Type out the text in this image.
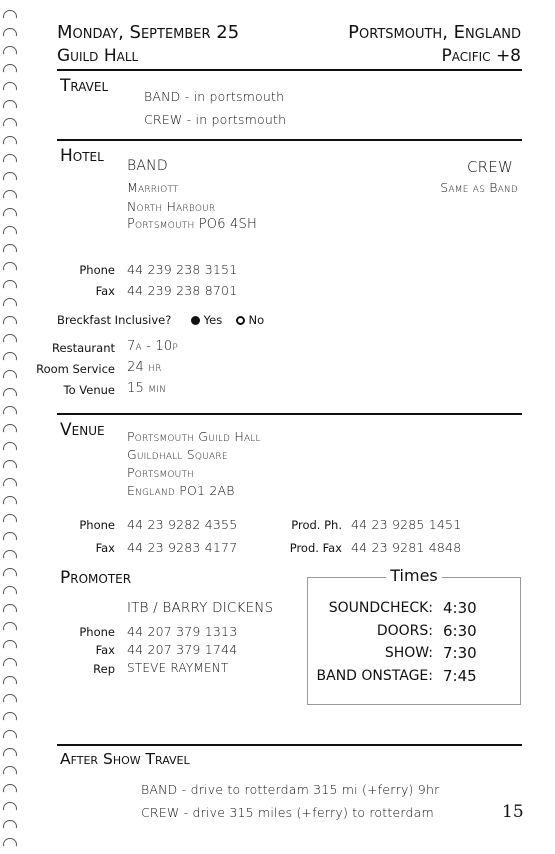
Monday, September 25
Guild Hall
Portsmouth, England
Pacific +8
Travel
BAND - in portsmouth
CREW - in portsmouth
Hotel BAND	CREW
Same as Band
Marriott
North Harbour
Portsmouth PO6 4SH
Phone 44 239 238 3151
Fax 44 239 238 8701
Breckfast Inclusive?	Yes No
Restaurant 7a - 10p
Room Service 24 hr
To Venue 15 min
Venue Portsmouth Guild Hall
Guildhall Square
Portsmouth
England PO1 2AB
Phone 44 23 9282 4355
Fax 44 23 9283 4177
Prod. Ph. 44 23 9285 1451
Prod. Fax 44 23 9281 4848
Promoter
ITB / BARRY DICKENS
Phone 44 207 379 1313
Fax 44 207 379 1744
Rep STEVE RAYMENT
Times
SOUNDCHECK: 4:30
DOORS: 6:30
SHOW: 7:30
BAND ONSTAGE: 7:45
After Show Travel
BAND - drive to rotterdam 315 mi (+ferry) 9hr
CREW - drive 315 miles (+ferry) to rotterdam	15
